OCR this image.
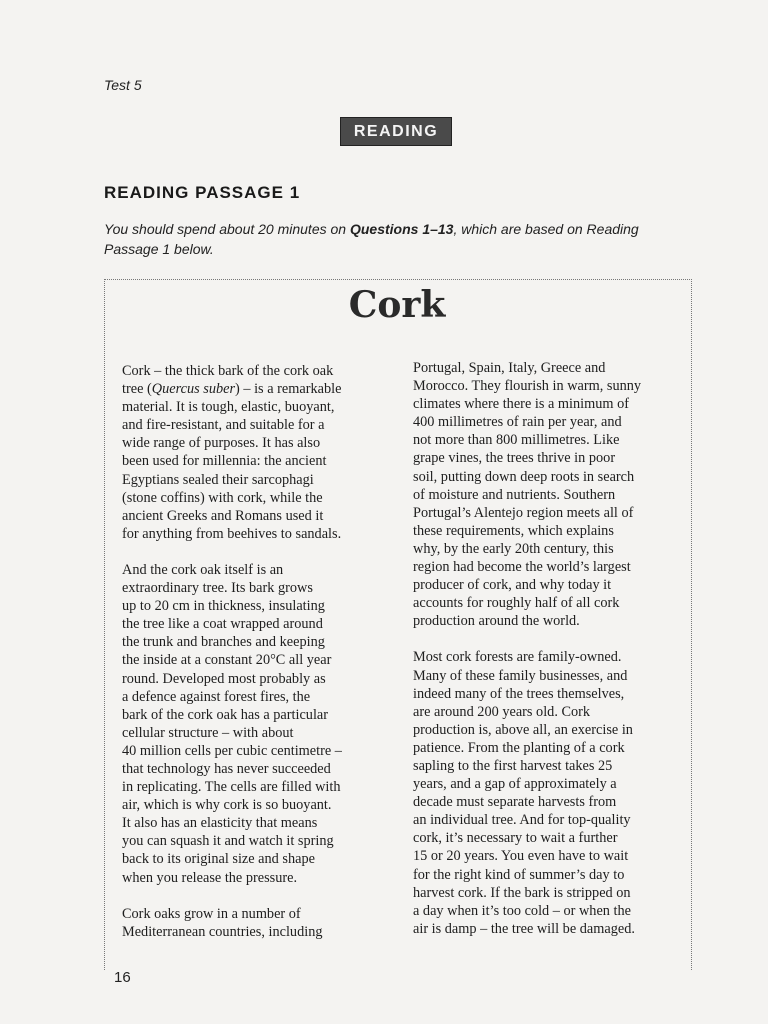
Test 5
READING
READING PASSAGE 1
You should spend about 20 minutes on Questions 1–13, which are based on Reading Passage 1 below.
Cork

Cork – the thick bark of the cork oak
tree (Quercus suber) – is a remarkable
material. It is tough, elastic, buoyant,
and fire-resistant, and suitable for a
wide range of purposes. It has also
been used for millennia: the ancient
Egyptians sealed their sarcophagi
(stone coffins) with cork, while the
ancient Greeks and Romans used it
for anything from beehives to sandals.

And the cork oak itself is an
extraordinary tree. Its bark grows
up to 20 cm in thickness, insulating
the tree like a coat wrapped around
the trunk and branches and keeping
the inside at a constant 20°C all year
round. Developed most probably as
a defence against forest fires, the
bark of the cork oak has a particular
cellular structure – with about
40 million cells per cubic centimetre –
that technology has never succeeded
in replicating. The cells are filled with
air, which is why cork is so buoyant.
It also has an elasticity that means
you can squash it and watch it spring
back to its original size and shape
when you release the pressure.

Cork oaks grow in a number of
Mediterranean countries, including

Portugal, Spain, Italy, Greece and
Morocco. They flourish in warm, sunny
climates where there is a minimum of
400 millimetres of rain per year, and
not more than 800 millimetres. Like
grape vines, the trees thrive in poor
soil, putting down deep roots in search
of moisture and nutrients. Southern
Portugal’s Alentejo region meets all of
these requirements, which explains
why, by the early 20th century, this
region had become the world’s largest
producer of cork, and why today it
accounts for roughly half of all cork
production around the world.

Most cork forests are family-owned.
Many of these family businesses, and
indeed many of the trees themselves,
are around 200 years old. Cork
production is, above all, an exercise in
patience. From the planting of a cork
sapling to the first harvest takes 25
years, and a gap of approximately a
decade must separate harvests from
an individual tree. And for top-quality
cork, it’s necessary to wait a further
15 or 20 years. You even have to wait
for the right kind of summer’s day to
harvest cork. If the bark is stripped on
a day when it’s too cold – or when the
air is damp – the tree will be damaged.

16
